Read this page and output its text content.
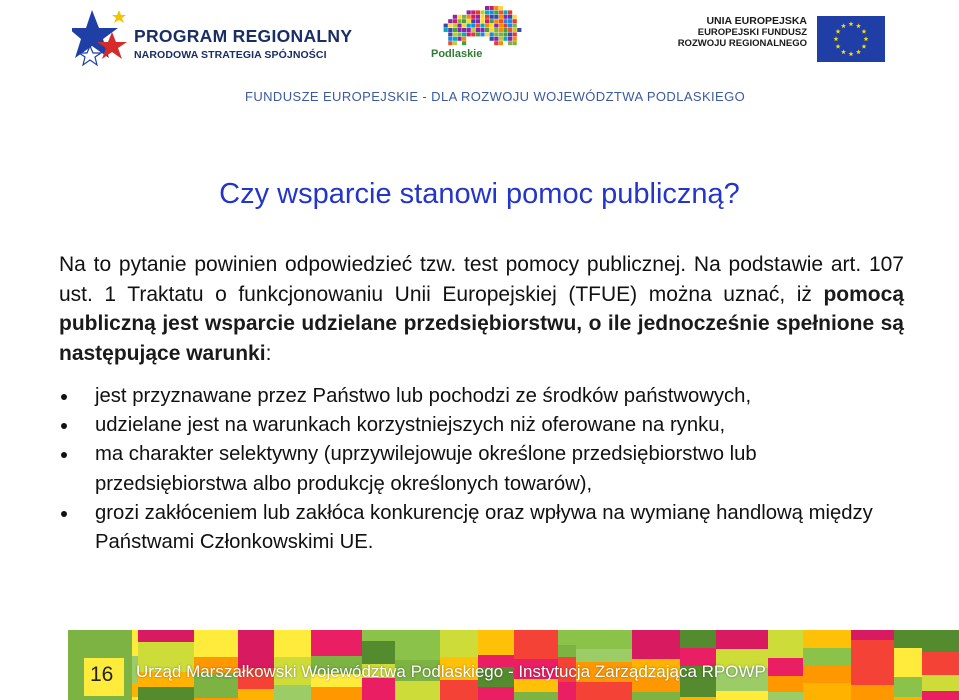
PROGRAM REGIONALNY
NARODOWA STRATEGIA SPÓJNOŚCI	Podlaskie
UNIA EUROPEJSKA
EUROPEJSKI FUNDUSZ
ROZWOJU REGIONALNEGO
FUNDUSZE EUROPEJSKIE - DLA ROZWOJU WOJEWÓDZTWA PODLASKIEGO
Czy wsparcie stanowi pomoc publiczną?
Na to pytanie powinien odpowiedzieć tzw. test pomocy publicznej. Na podstawie art. 107 ust. 1 Traktatu o funkcjonowaniu Unii Europejskiej (TFUE) można uznać, iż pomocą publiczną jest wsparcie udzielane przedsiębiorstwu, o ile jednocześnie spełnione są następujące warunki:
jest przyznawane przez Państwo lub pochodzi ze środków państwowych,
udzielane jest na warunkach korzystniejszych niż oferowane na rynku,
ma charakter selektywny (uprzywilejowuje określone przedsiębiorstwo lub przedsiębiorstwa albo produkcję określonych towarów),
grozi zakłóceniem lub zakłóca konkurencję oraz wpływa na wymianę handlową między Państwami Członkowskimi UE.
16 Urząd Marszałkowski Województwa Podlaskiego - Instytucja Zarządzająca RPOWP
